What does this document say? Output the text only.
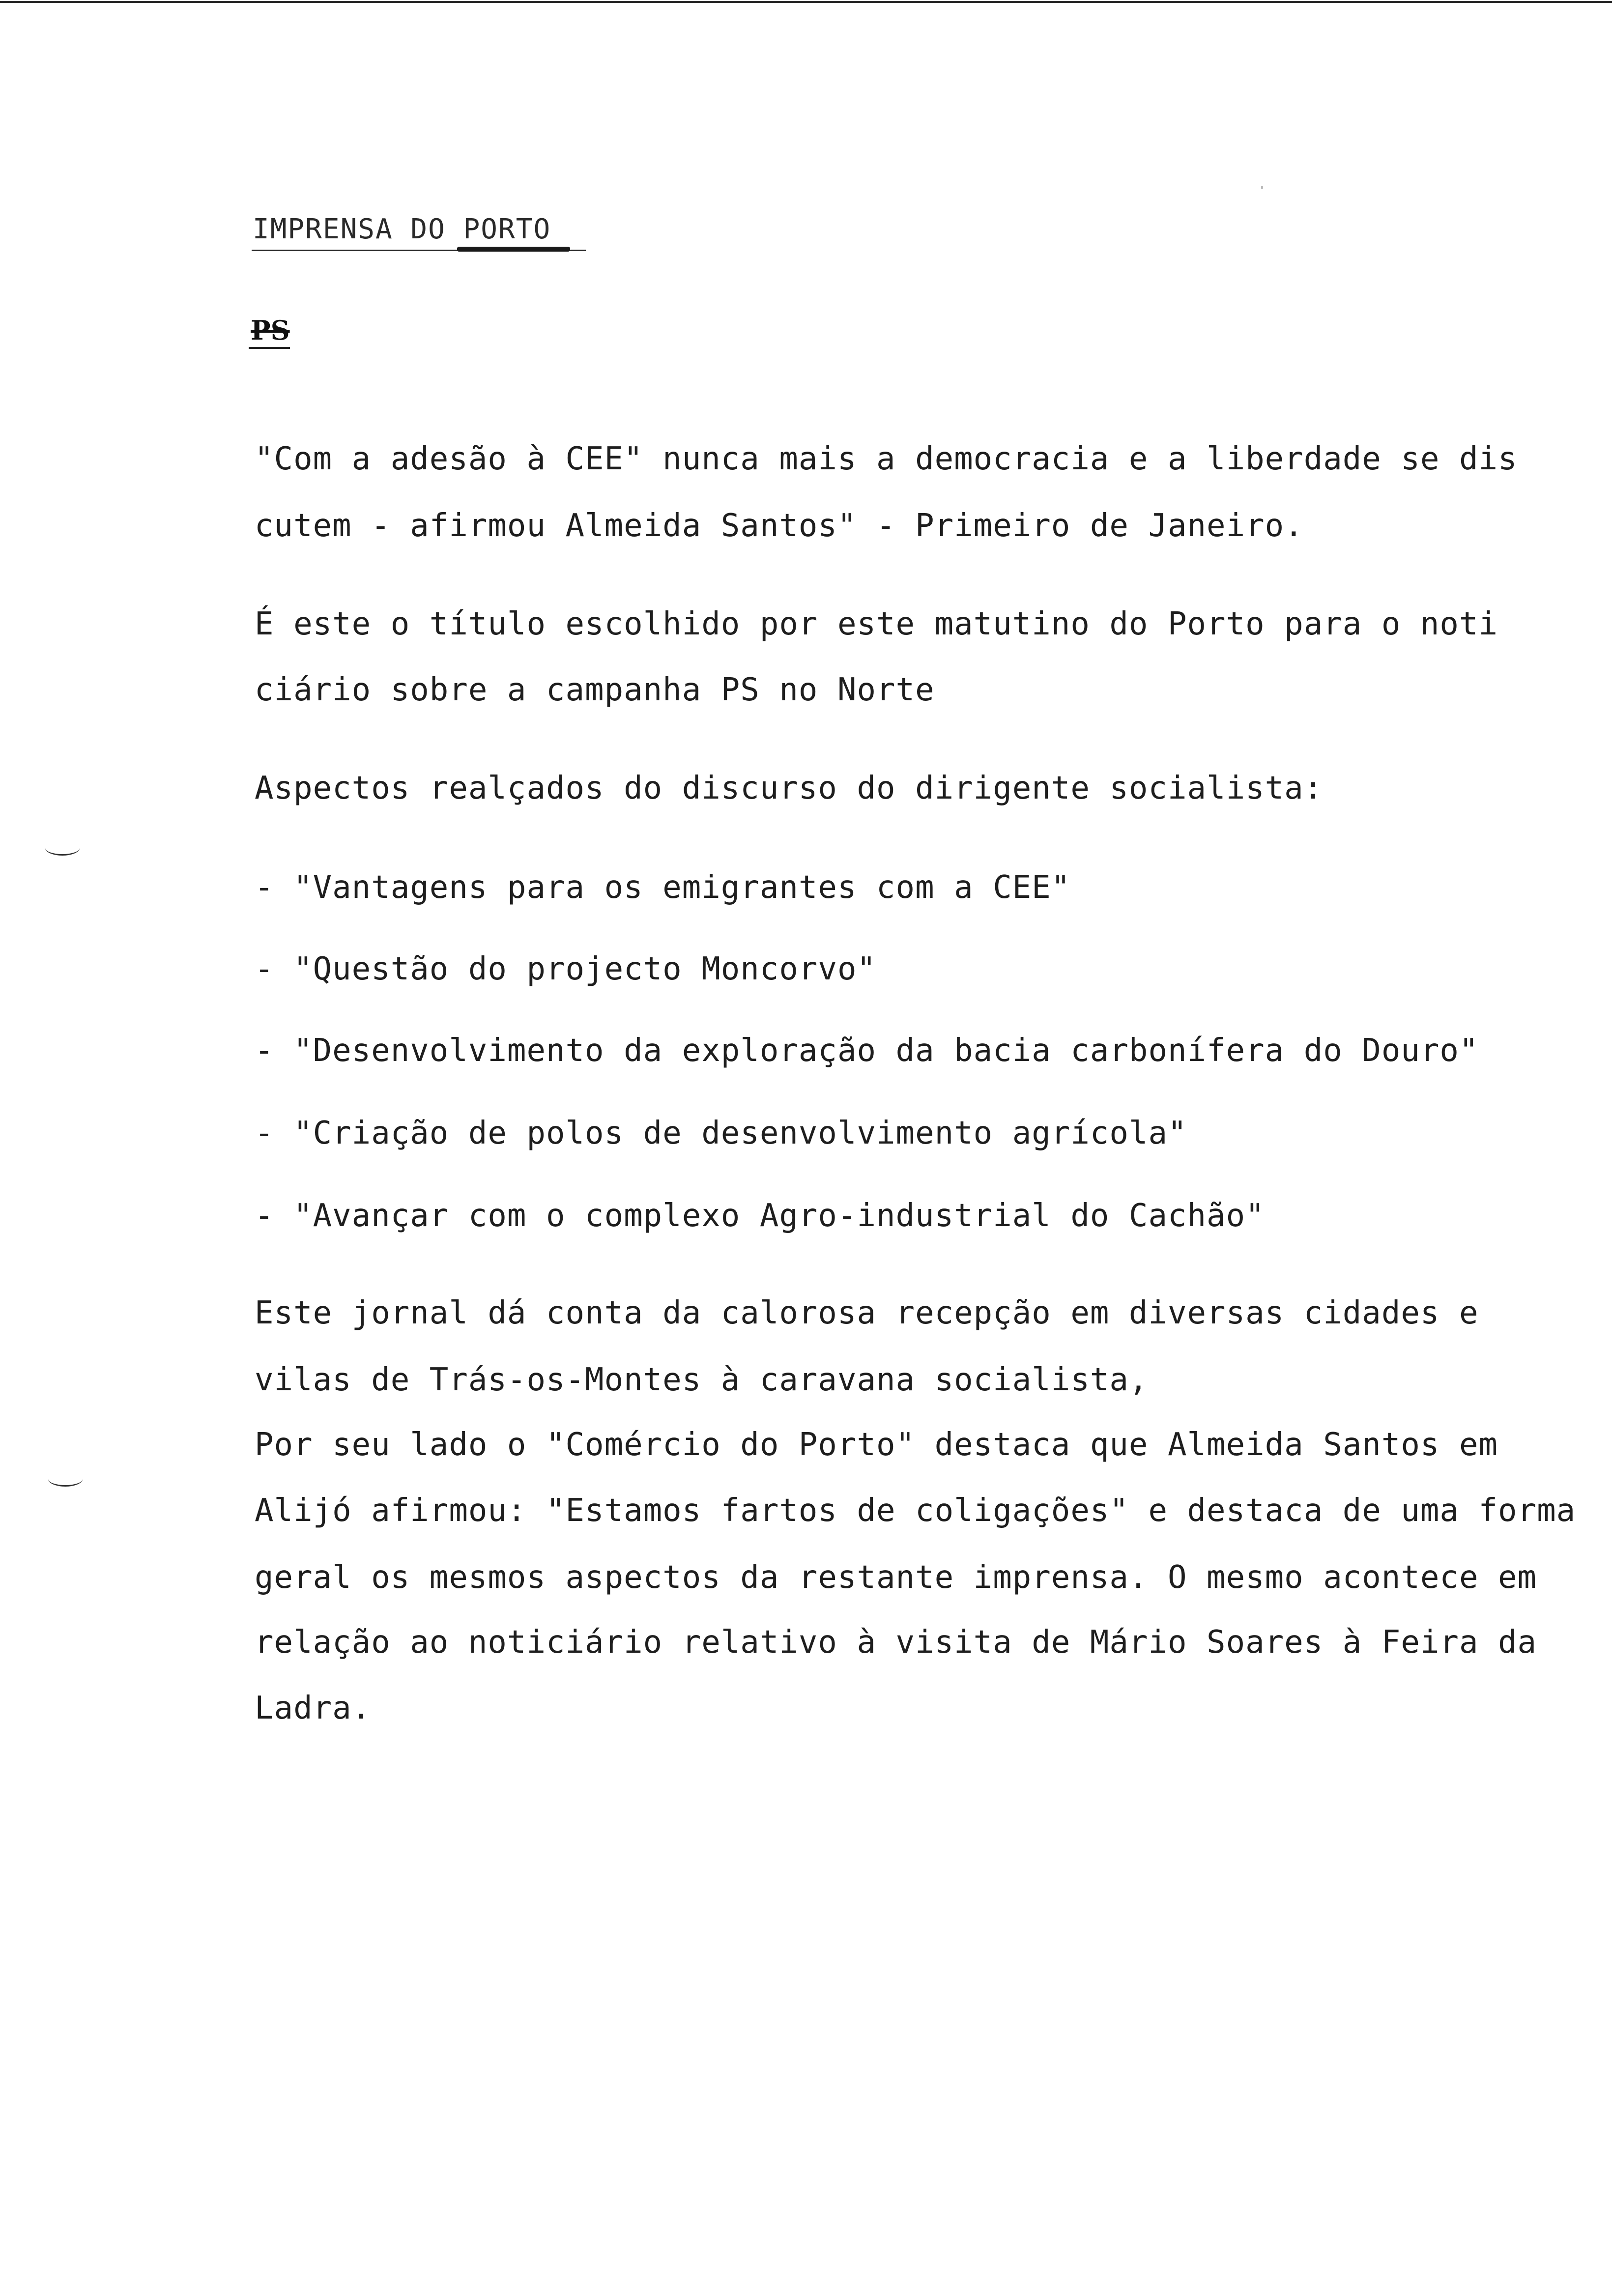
IMPRENSA DO PORTO
PS
"Com a adesão à CEE" nunca mais a democracia e a liberdade se dis
cutem - afirmou Almeida Santos" - Primeiro de Janeiro.
É este o título escolhido por este matutino do Porto para o noti
ciário sobre a campanha PS no Norte
Aspectos realçados do discurso do dirigente socialista:
- "Vantagens para os emigrantes com a CEE"
- "Questão do projecto Moncorvo"
- "Desenvolvimento da exploração da bacia carbonífera do Douro"
- "Criação de polos de desenvolvimento agrícola"
- "Avançar com o complexo Agro-industrial do Cachão"
Este jornal dá conta da calorosa recepção em diversas cidades e
vilas de Trás-os-Montes à caravana socialista,
Por seu lado o "Comércio do Porto" destaca que Almeida Santos em
Alijó afirmou: "Estamos fartos de coligações" e destaca de uma forma
geral os mesmos aspectos da restante imprensa. O mesmo acontece em
relação ao noticiário relativo à visita de Mário Soares à Feira da
Ladra.
